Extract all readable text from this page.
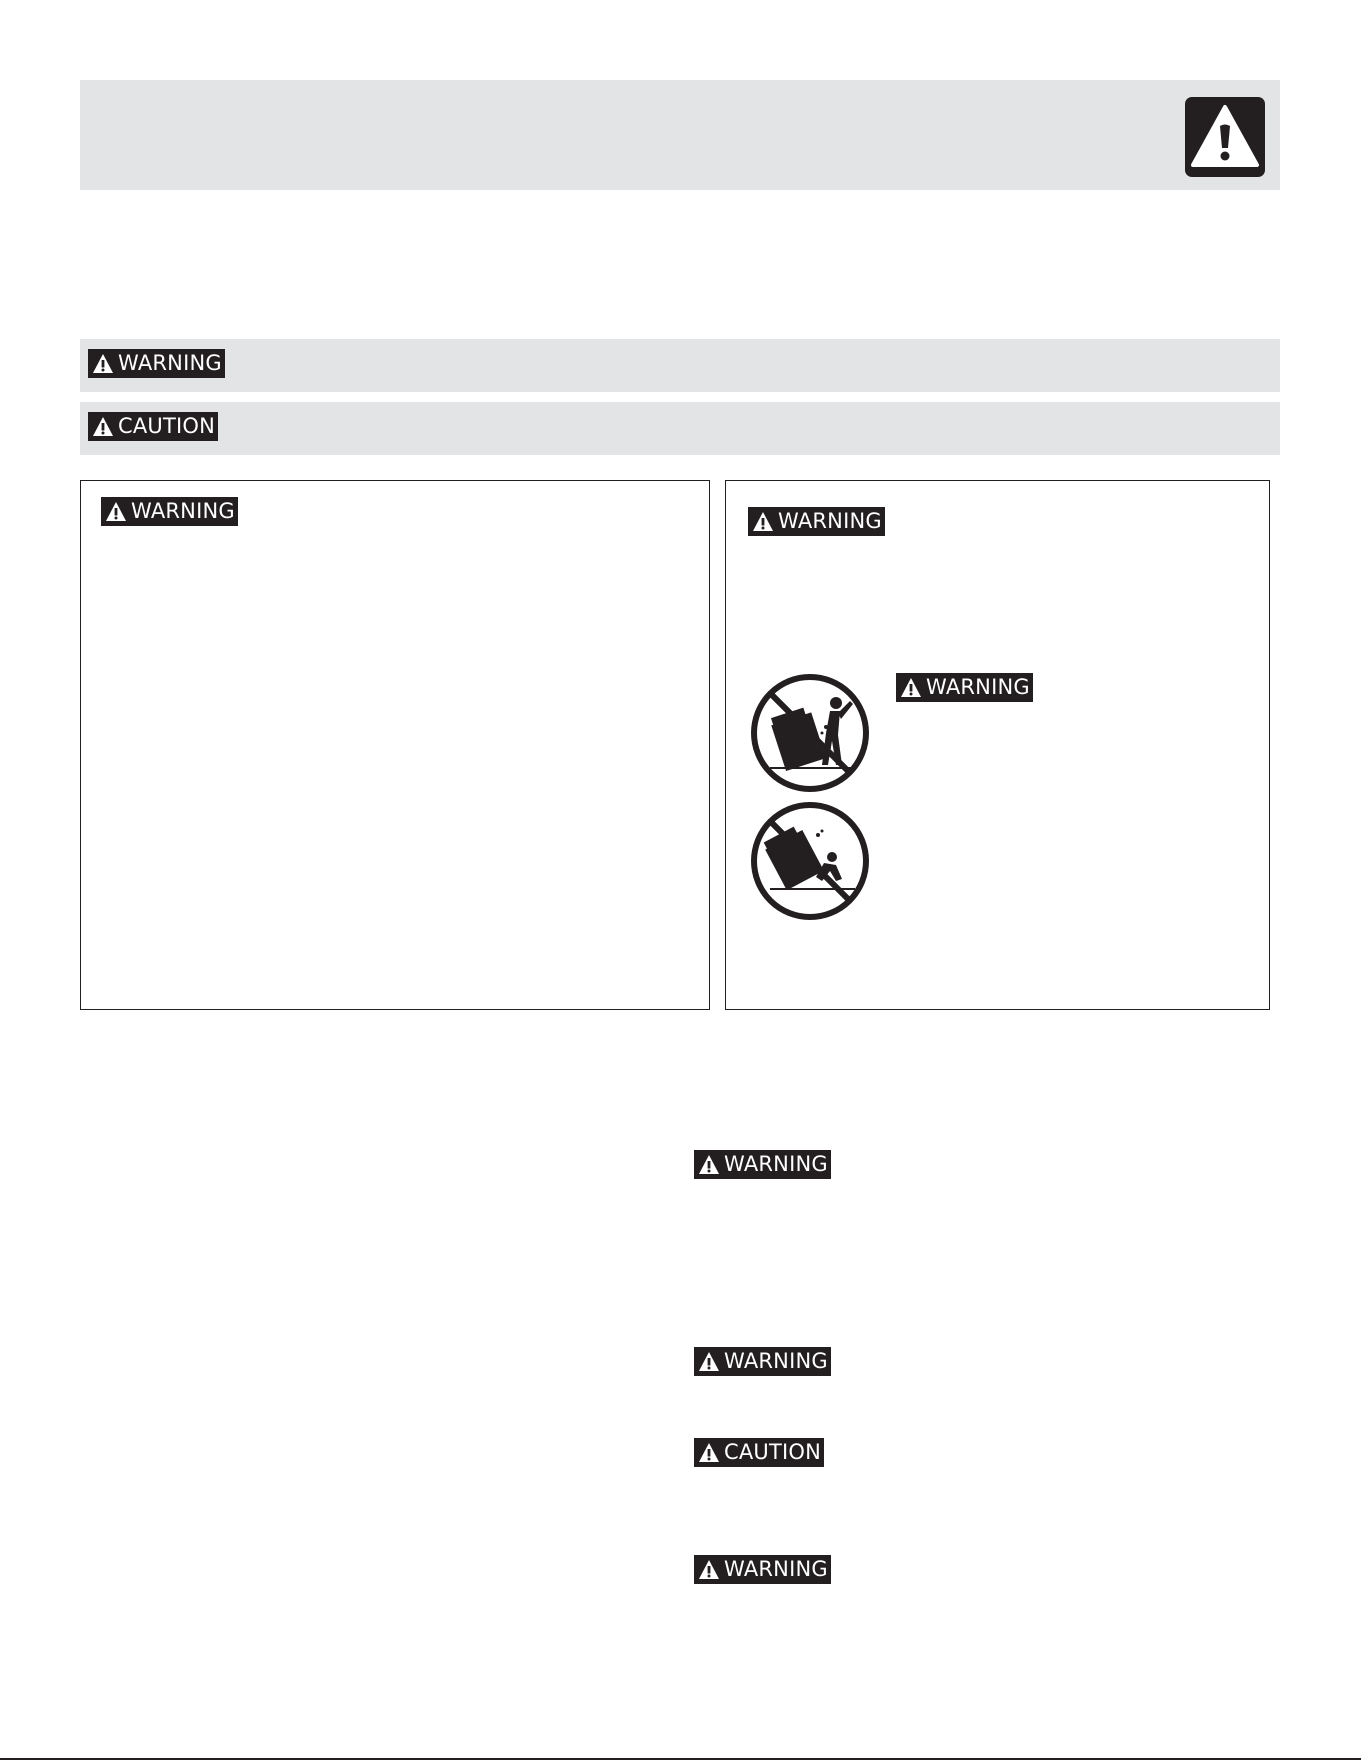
WARNING
CAUTION
WARNING	WARNING
WARNING
WARNING
WARNING
CAUTION
WARNING
